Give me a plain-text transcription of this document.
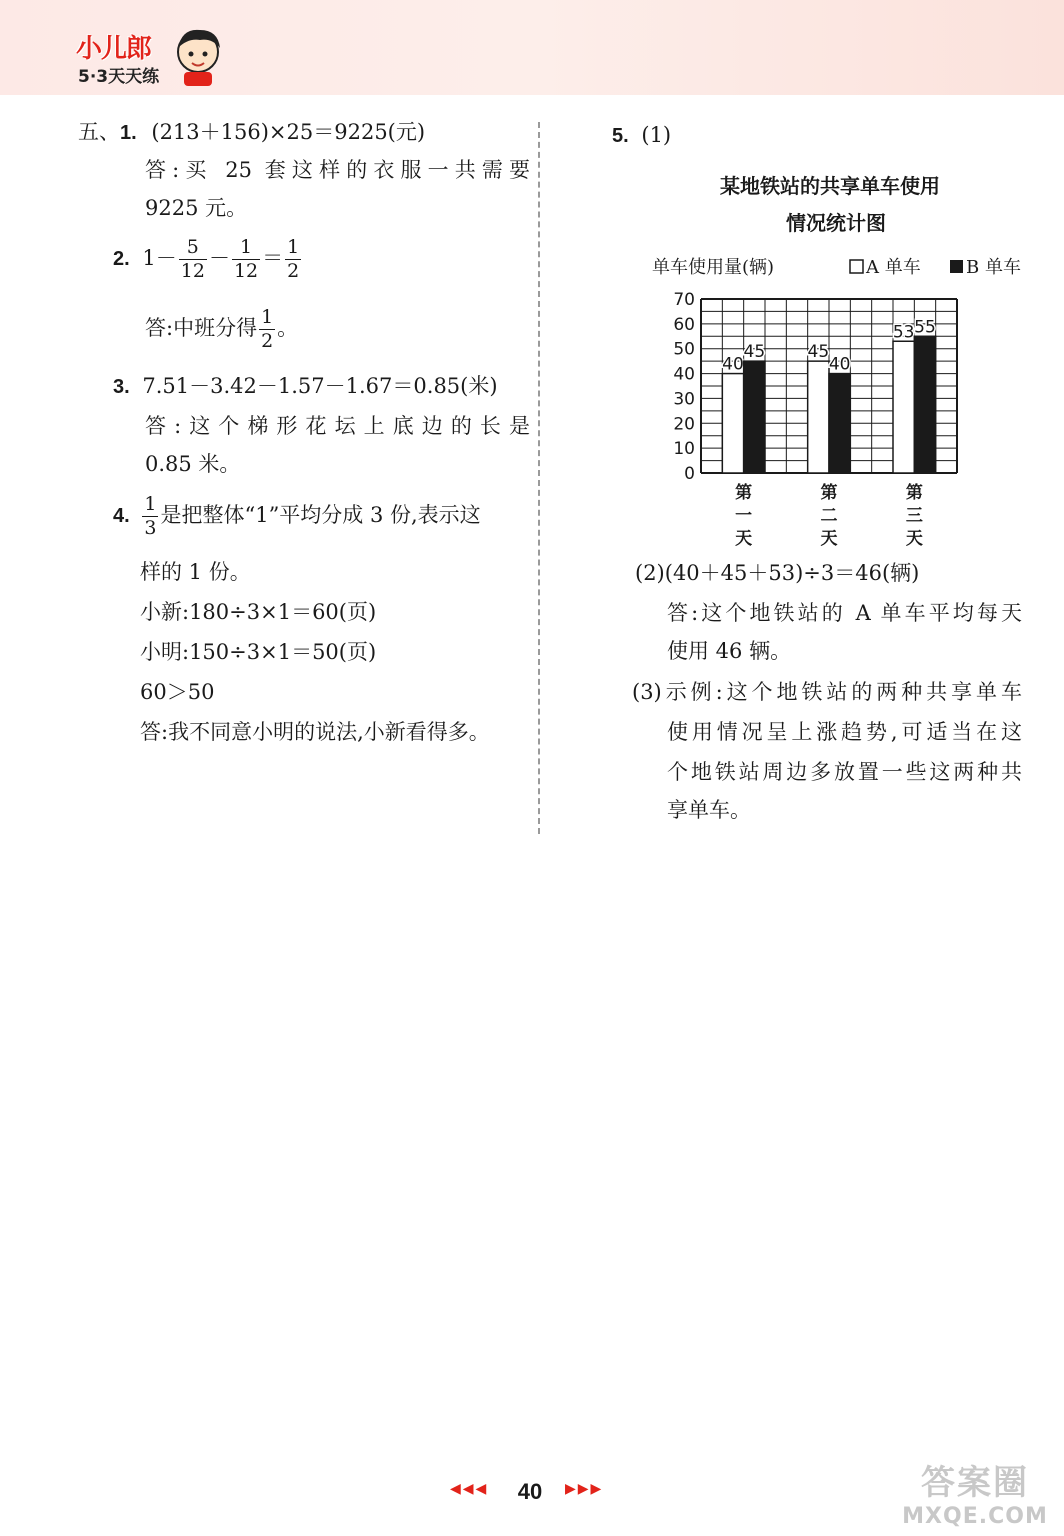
小儿郎
5·3天天练
五、1. (213＋156)×25＝9225(元)
答:买 25 套这样的衣服一共需要
9225 元。
2. $1- \frac{5}{12} - \frac{1}{12} = \frac{1}{2}$
答:中班分得 $\frac{1}{2}$ 。
3. 7.51－3.42－1.57－1.67＝0.85(米)
答:这个梯形花坛上底边的长是
0.85 米。
4. $\frac{1}{3}$ 是把整体“1”平均分成 3 份,表示这
样的 1 份。
小新:180÷3×1＝60(页)
小明:150÷3×1＝50(页)
60＞50
答:我不同意小明的说法,小新看得多。
5. (1)
某地铁站的共享单车使用
情况统计图
单车使用量(辆)	A 单车	B 单车
0
10
20
30
40
50
60
70
40
45
第
一
天
45
40
第
二
天
53 55
第
三
天
(2)(40＋45＋53)÷3＝46(辆)
答:这个地铁站的 A 单车平均每天
使用 46 辆。
(3)示例:这个地铁站的两种共享单车
使用情况呈上涨趋势,可适当在这
个地铁站周边多放置一些这两种共
享单车。
◀◀◀	40	▶▶▶	答案圈
MXQE.COM
